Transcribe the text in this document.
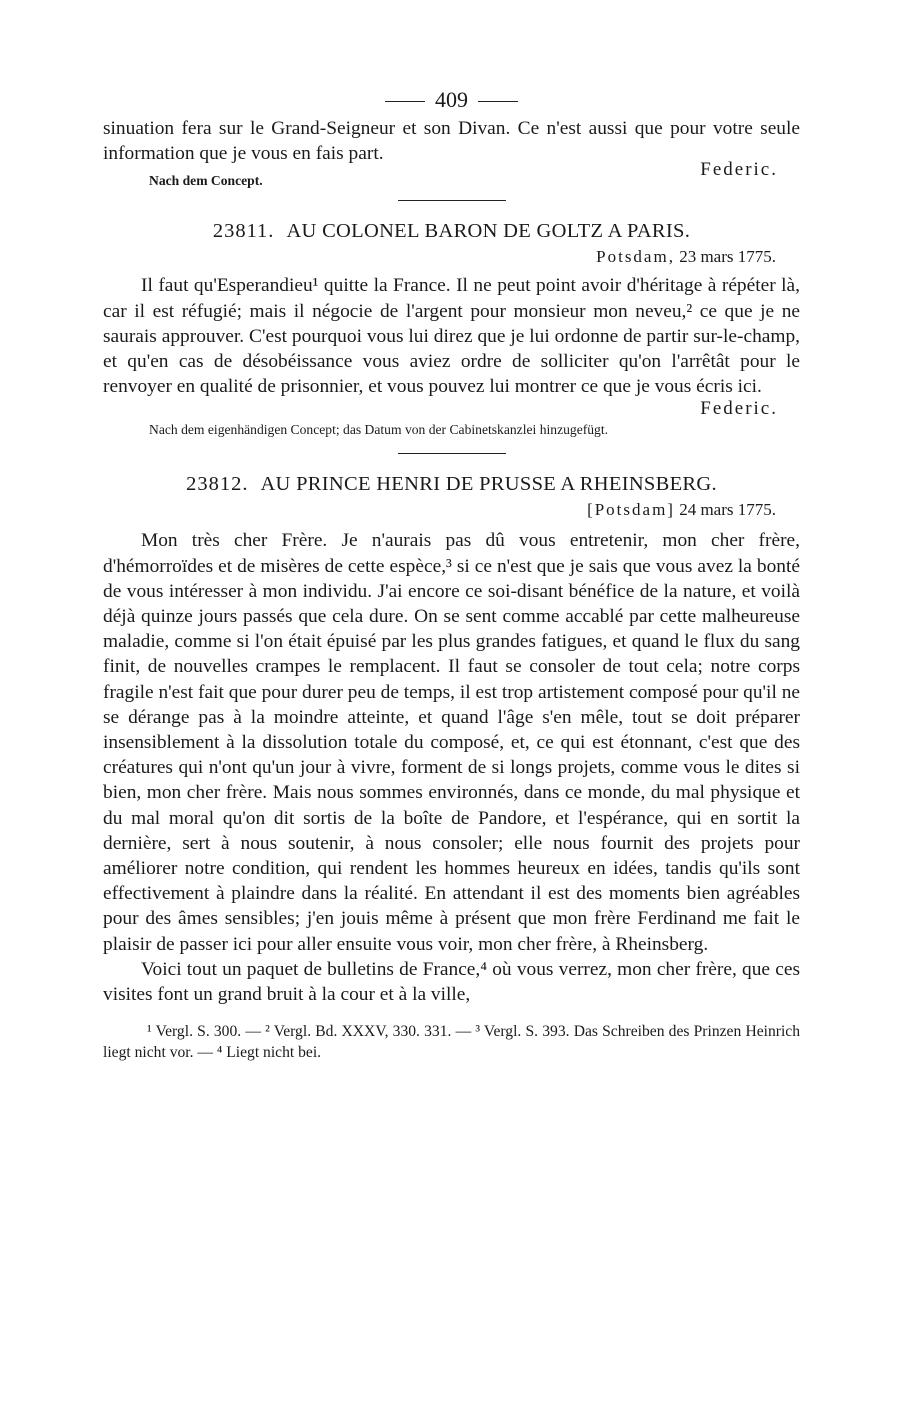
409

sinuation fera sur le Grand-Seigneur et son Divan. Ce n'est aussi que pour votre seule information que je vous en fais part.

Federic.
Nach dem Concept.
23811. AU COLONEL BARON DE GOLTZ A PARIS.
Potsdam, 23 mars 1775.

Il faut qu'Esperandieu¹ quitte la France. Il ne peut point avoir d'héritage à répéter là, car il est réfugié; mais il négocie de l'argent pour monsieur mon neveu,² ce que je ne saurais approuver. C'est pourquoi vous lui direz que je lui ordonne de partir sur-le-champ, et qu'en cas de désobéissance vous aviez ordre de solliciter qu'on l'arrêtât pour le renvoyer en qualité de prisonnier, et vous pouvez lui montrer ce que je vous écris ici.

Federic.
Nach dem eigenhändigen Concept; das Datum von der Cabinetskanzlei hinzugefügt.
23812. AU PRINCE HENRI DE PRUSSE A RHEINSBERG.
[Potsdam] 24 mars 1775.

Mon très cher Frère. Je n'aurais pas dû vous entretenir, mon cher frère, d'hémorroïdes et de misères de cette espèce,³ si ce n'est que je sais que vous avez la bonté de vous intéresser à mon individu. J'ai encore ce soi-disant bénéfice de la nature, et voilà déjà quinze jours passés que cela dure. On se sent comme accablé par cette malheureuse maladie, comme si l'on était épuisé par les plus grandes fatigues, et quand le flux du sang finit, de nouvelles crampes le remplacent. Il faut se consoler de tout cela; notre corps fragile n'est fait que pour durer peu de temps, il est trop artistement composé pour qu'il ne se dérange pas à la moindre atteinte, et quand l'âge s'en mêle, tout se doit préparer insensiblement à la dissolution totale du composé, et, ce qui est étonnant, c'est que des créatures qui n'ont qu'un jour à vivre, forment de si longs projets, comme vous le dites si bien, mon cher frère. Mais nous sommes environnés, dans ce monde, du mal physique et du mal moral qu'on dit sortis de la boîte de Pandore, et l'espérance, qui en sortit la dernière, sert à nous soutenir, à nous consoler; elle nous fournit des projets pour améliorer notre condition, qui rendent les hommes heureux en idées, tandis qu'ils sont effectivement à plaindre dans la réalité. En attendant il est des moments bien agréables pour des âmes sensibles; j'en jouis même à présent que mon frère Ferdinand me fait le plaisir de passer ici pour aller ensuite vous voir, mon cher frère, à Rheinsberg.

Voici tout un paquet de bulletins de France,⁴ où vous verrez, mon cher frère, que ces visites font un grand bruit à la cour et à la ville,

¹ Vergl. S. 300. — ² Vergl. Bd. XXXV, 330. 331. — ³ Vergl. S. 393. Das Schreiben des Prinzen Heinrich liegt nicht vor. — ⁴ Liegt nicht bei.
